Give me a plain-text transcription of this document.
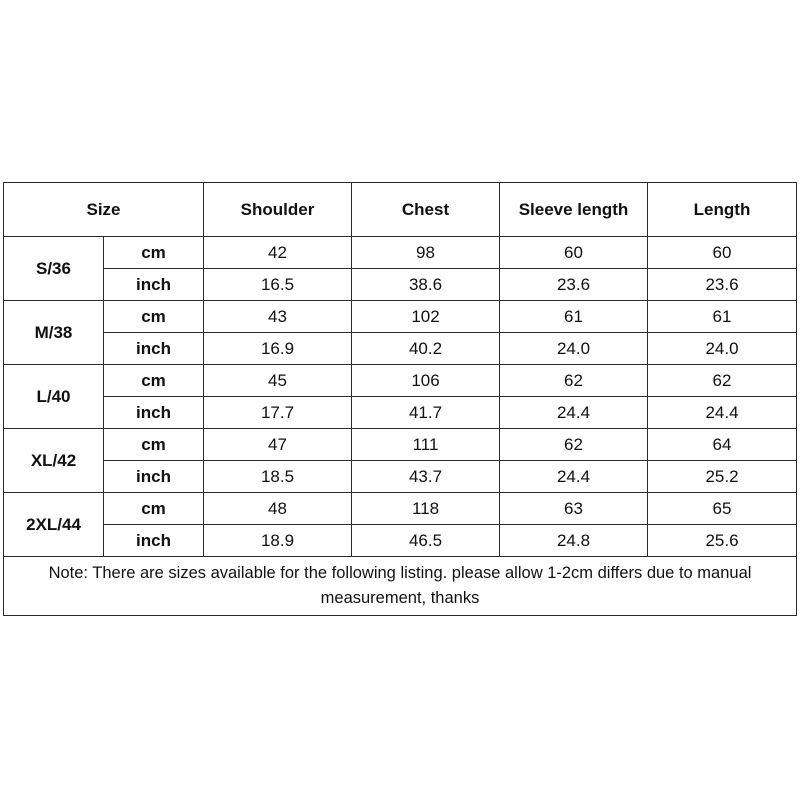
Size		Shoulder	Chest	Sleeve length	Length
S/36	cm	42	98	60	60
	inch	16.5	38.6	23.6	23.6
M/38	cm	43	102	61	61
	inch	16.9	40.2	24.0	24.0
L/40	cm	45	106	62	62
	inch	17.7	41.7	24.4	24.4
XL/42	cm	47	111	62	64
	inch	18.5	43.7	24.4	25.2
2XL/44	cm	48	118	63	65
	inch	18.9	46.5	24.8	25.6
Note: There are sizes available for the following listing. please allow 1-2cm differs due to manual measurement, thanks					
